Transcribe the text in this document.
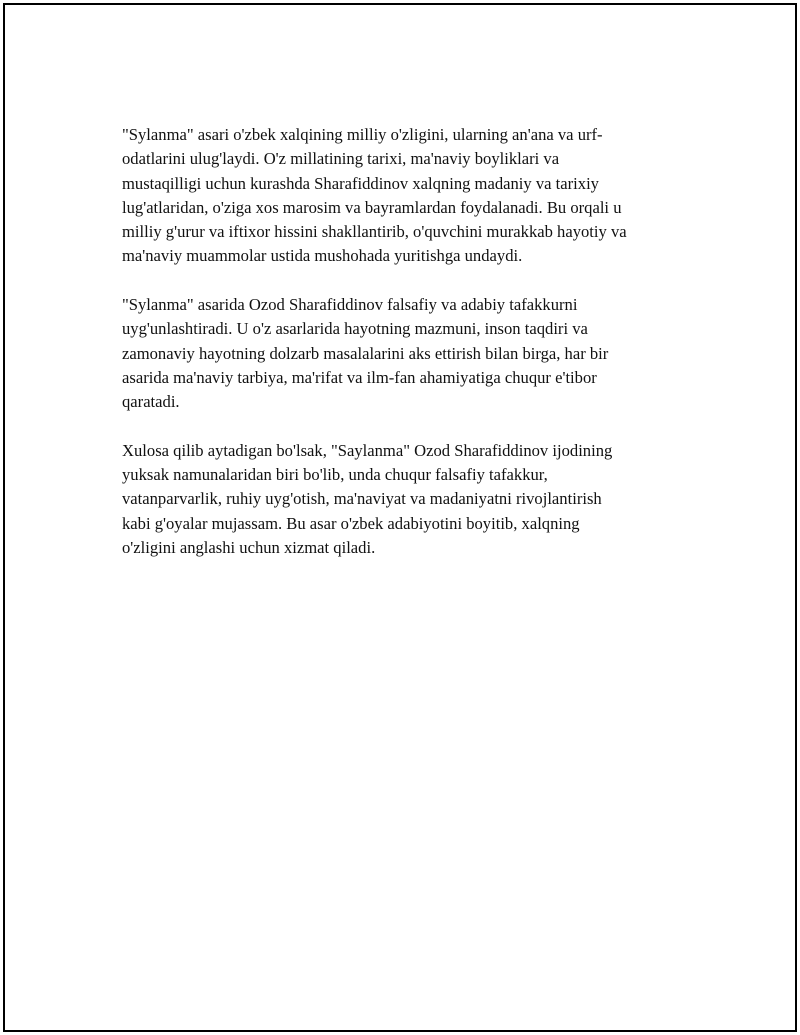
"Sylanma" asari o'zbek xalqining milliy o'zligini, ularning an'ana va urf-
odatlarini ulug'laydi. O'z millatining tarixi, ma'naviy boyliklari va
mustaqilligi uchun kurashda Sharafiddinov xalqning madaniy va tarixiy
lug'atlaridan, o'ziga xos marosim va bayramlardan foydalanadi. Bu orqali u
milliy g'urur va iftixor hissini shakllantirib, o'quvchini murakkab hayotiy va
ma'naviy muammolar ustida mushohada yuritishga undaydi.

"Sylanma" asarida Ozod Sharafiddinov falsafiy va adabiy tafakkurni
uyg'unlashtiradi. U o'z asarlarida hayotning mazmuni, inson taqdiri va
zamonaviy hayotning dolzarb masalalarini aks ettirish bilan birga, har bir
asarida ma'naviy tarbiya, ma'rifat va ilm-fan ahamiyatiga chuqur e'tibor
qaratadi.

Xulosa qilib aytadigan bo'lsak, "Saylanma" Ozod Sharafiddinov ijodining
yuksak namunalaridan biri bo'lib, unda chuqur falsafiy tafakkur,
vatanparvarlik, ruhiy uyg'otish, ma'naviyat va madaniyatni rivojlantirish
kabi g'oyalar mujassam. Bu asar o'zbek adabiyotini boyitib, xalqning
o'zligini anglashi uchun xizmat qiladi.
